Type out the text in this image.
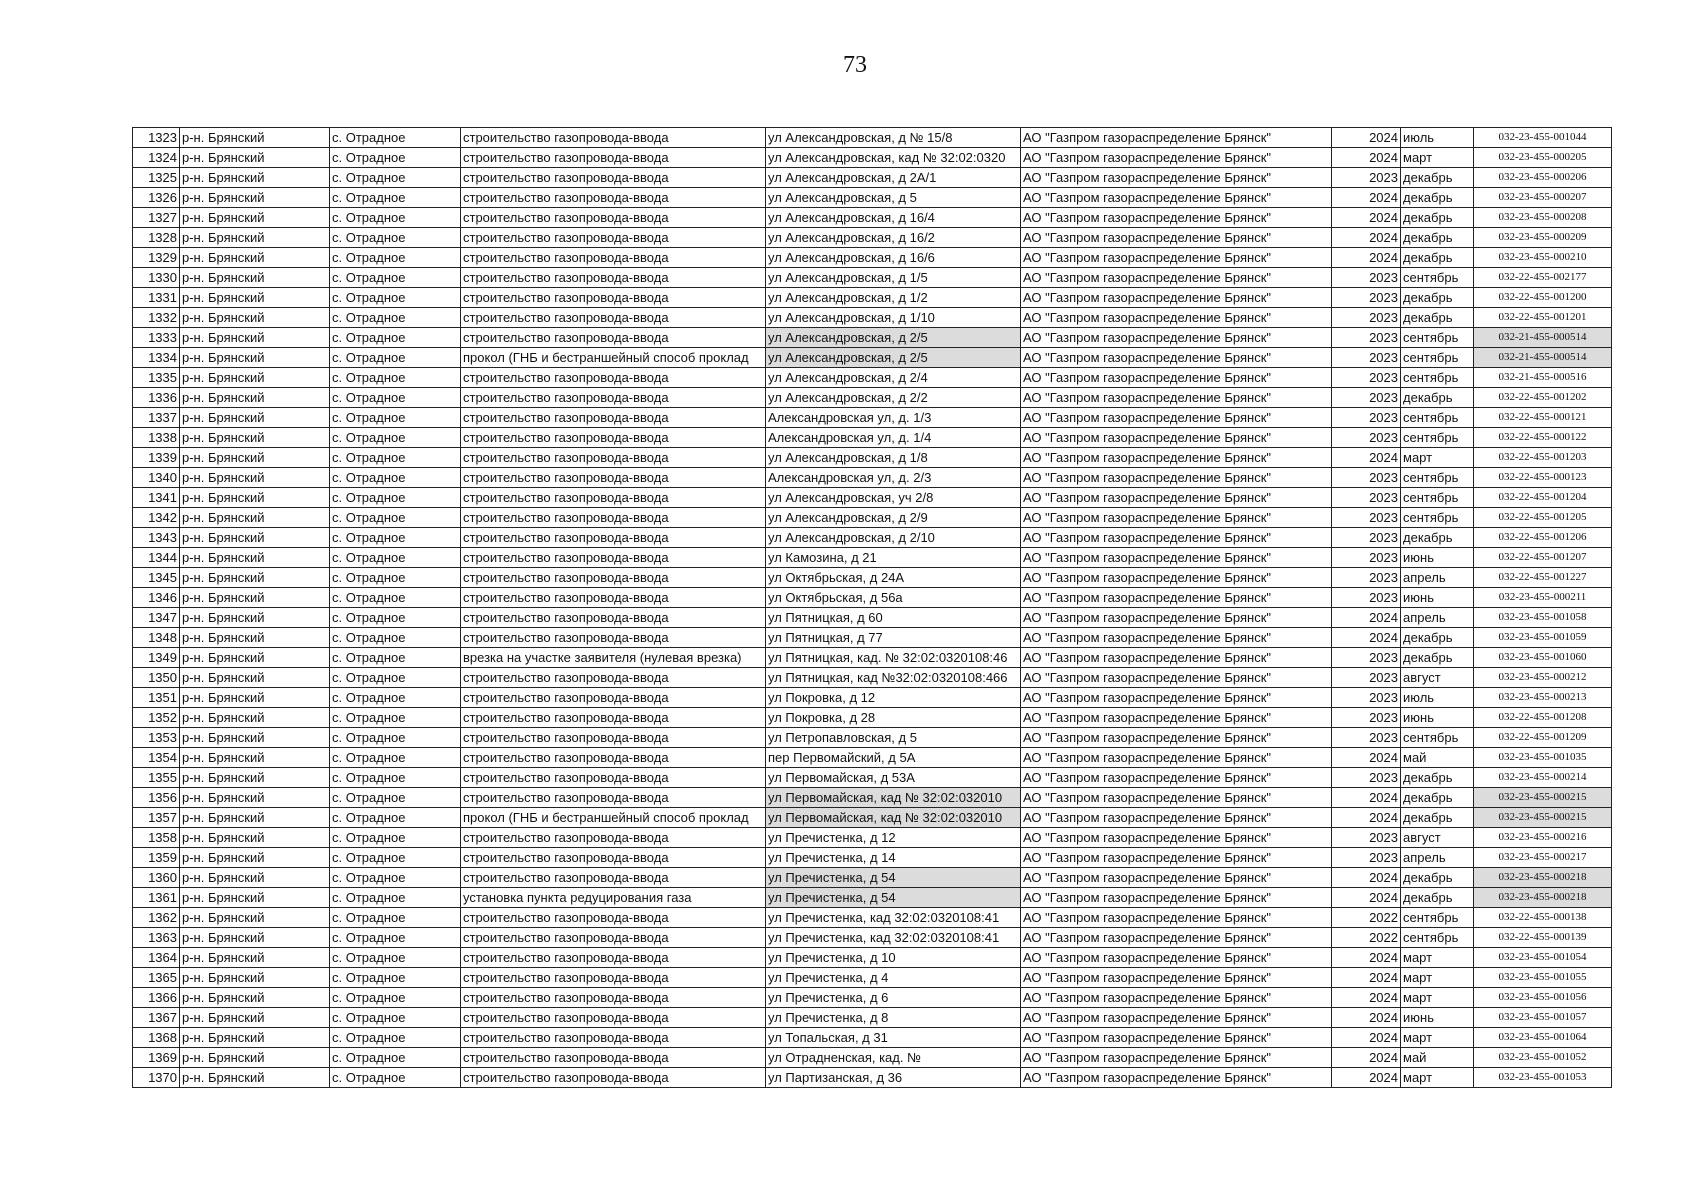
73
1323	р-н. Брянский	с. Отрадное	строительство газопровода-ввода	ул Александровская, д № 15/8	АО "Газпром газораспределение Брянск"	2024	июль	032-23-455-001044
1324	р-н. Брянский	с. Отрадное	строительство газопровода-ввода	ул Александровская, кад № 32:02:0320	АО "Газпром газораспределение Брянск"	2024	март	032-23-455-000205
1325	р-н. Брянский	с. Отрадное	строительство газопровода-ввода	ул Александровская, д 2А/1	АО "Газпром газораспределение Брянск"	2023	декабрь	032-23-455-000206
1326	р-н. Брянский	с. Отрадное	строительство газопровода-ввода	ул Александровская, д 5	АО "Газпром газораспределение Брянск"	2024	декабрь	032-23-455-000207
1327	р-н. Брянский	с. Отрадное	строительство газопровода-ввода	ул Александровская, д 16/4	АО "Газпром газораспределение Брянск"	2024	декабрь	032-23-455-000208
1328	р-н. Брянский	с. Отрадное	строительство газопровода-ввода	ул Александровская, д 16/2	АО "Газпром газораспределение Брянск"	2024	декабрь	032-23-455-000209
1329	р-н. Брянский	с. Отрадное	строительство газопровода-ввода	ул Александровская, д 16/6	АО "Газпром газораспределение Брянск"	2024	декабрь	032-23-455-000210
1330	р-н. Брянский	с. Отрадное	строительство газопровода-ввода	ул Александровская, д 1/5	АО "Газпром газораспределение Брянск"	2023	сентябрь	032-22-455-002177
1331	р-н. Брянский	с. Отрадное	строительство газопровода-ввода	ул Александровская, д 1/2	АО "Газпром газораспределение Брянск"	2023	декабрь	032-22-455-001200
1332	р-н. Брянский	с. Отрадное	строительство газопровода-ввода	ул Александровская, д 1/10	АО "Газпром газораспределение Брянск"	2023	декабрь	032-22-455-001201
1333	р-н. Брянский	с. Отрадное	строительство газопровода-ввода	ул Александровская, д 2/5	АО "Газпром газораспределение Брянск"	2023	сентябрь	032-21-455-000514
1334	р-н. Брянский	с. Отрадное	прокол (ГНБ и бестраншейный способ проклад	ул Александровская, д 2/5	АО "Газпром газораспределение Брянск"	2023	сентябрь	032-21-455-000514
1335	р-н. Брянский	с. Отрадное	строительство газопровода-ввода	ул Александровская, д 2/4	АО "Газпром газораспределение Брянск"	2023	сентябрь	032-21-455-000516
1336	р-н. Брянский	с. Отрадное	строительство газопровода-ввода	ул Александровская, д 2/2	АО "Газпром газораспределение Брянск"	2023	декабрь	032-22-455-001202
1337	р-н. Брянский	с. Отрадное	строительство газопровода-ввода	Александровская ул, д. 1/3	АО "Газпром газораспределение Брянск"	2023	сентябрь	032-22-455-000121
1338	р-н. Брянский	с. Отрадное	строительство газопровода-ввода	Александровская ул, д. 1/4	АО "Газпром газораспределение Брянск"	2023	сентябрь	032-22-455-000122
1339	р-н. Брянский	с. Отрадное	строительство газопровода-ввода	ул Александровская, д 1/8	АО "Газпром газораспределение Брянск"	2024	март	032-22-455-001203
1340	р-н. Брянский	с. Отрадное	строительство газопровода-ввода	Александровская ул, д. 2/3	АО "Газпром газораспределение Брянск"	2023	сентябрь	032-22-455-000123
1341	р-н. Брянский	с. Отрадное	строительство газопровода-ввода	ул Александровская, уч 2/8	АО "Газпром газораспределение Брянск"	2023	сентябрь	032-22-455-001204
1342	р-н. Брянский	с. Отрадное	строительство газопровода-ввода	ул Александровская, д 2/9	АО "Газпром газораспределение Брянск"	2023	сентябрь	032-22-455-001205
1343	р-н. Брянский	с. Отрадное	строительство газопровода-ввода	ул Александровская, д 2/10	АО "Газпром газораспределение Брянск"	2023	декабрь	032-22-455-001206
1344	р-н. Брянский	с. Отрадное	строительство газопровода-ввода	ул Камозина, д 21	АО "Газпром газораспределение Брянск"	2023	июнь	032-22-455-001207
1345	р-н. Брянский	с. Отрадное	строительство газопровода-ввода	ул Октябрьская, д 24А	АО "Газпром газораспределение Брянск"	2023	апрель	032-22-455-001227
1346	р-н. Брянский	с. Отрадное	строительство газопровода-ввода	ул Октябрьская, д 56а	АО "Газпром газораспределение Брянск"	2023	июнь	032-23-455-000211
1347	р-н. Брянский	с. Отрадное	строительство газопровода-ввода	ул Пятницкая, д 60	АО "Газпром газораспределение Брянск"	2024	апрель	032-23-455-001058
1348	р-н. Брянский	с. Отрадное	строительство газопровода-ввода	ул Пятницкая, д 77	АО "Газпром газораспределение Брянск"	2024	декабрь	032-23-455-001059
1349	р-н. Брянский	с. Отрадное	врезка на участке заявителя (нулевая врезка)	ул Пятницкая, кад. № 32:02:0320108:46	АО "Газпром газораспределение Брянск"	2023	декабрь	032-23-455-001060
1350	р-н. Брянский	с. Отрадное	строительство газопровода-ввода	ул Пятницкая, кад №32:02:0320108:466	АО "Газпром газораспределение Брянск"	2023	август	032-23-455-000212
1351	р-н. Брянский	с. Отрадное	строительство газопровода-ввода	ул Покровка, д 12	АО "Газпром газораспределение Брянск"	2023	июль	032-23-455-000213
1352	р-н. Брянский	с. Отрадное	строительство газопровода-ввода	ул Покровка, д 28	АО "Газпром газораспределение Брянск"	2023	июнь	032-22-455-001208
1353	р-н. Брянский	с. Отрадное	строительство газопровода-ввода	ул Петропавловская, д 5	АО "Газпром газораспределение Брянск"	2023	сентябрь	032-22-455-001209
1354	р-н. Брянский	с. Отрадное	строительство газопровода-ввода	пер Первомайский, д 5А	АО "Газпром газораспределение Брянск"	2024	май	032-23-455-001035
1355	р-н. Брянский	с. Отрадное	строительство газопровода-ввода	ул Первомайская, д 53А	АО "Газпром газораспределение Брянск"	2023	декабрь	032-23-455-000214
1356	р-н. Брянский	с. Отрадное	строительство газопровода-ввода	ул Первомайская, кад № 32:02:032010	АО "Газпром газораспределение Брянск"	2024	декабрь	032-23-455-000215
1357	р-н. Брянский	с. Отрадное	прокол (ГНБ и бестраншейный способ проклад	ул Первомайская, кад № 32:02:032010	АО "Газпром газораспределение Брянск"	2024	декабрь	032-23-455-000215
1358	р-н. Брянский	с. Отрадное	строительство газопровода-ввода	ул Пречистенка, д 12	АО "Газпром газораспределение Брянск"	2023	август	032-23-455-000216
1359	р-н. Брянский	с. Отрадное	строительство газопровода-ввода	ул Пречистенка, д 14	АО "Газпром газораспределение Брянск"	2023	апрель	032-23-455-000217
1360	р-н. Брянский	с. Отрадное	строительство газопровода-ввода	ул Пречистенка, д 54	АО "Газпром газораспределение Брянск"	2024	декабрь	032-23-455-000218
1361	р-н. Брянский	с. Отрадное	установка пункта редуцирования газа	ул Пречистенка, д 54	АО "Газпром газораспределение Брянск"	2024	декабрь	032-23-455-000218
1362	р-н. Брянский	с. Отрадное	строительство газопровода-ввода	ул Пречистенка, кад 32:02:0320108:41	АО "Газпром газораспределение Брянск"	2022	сентябрь	032-22-455-000138
1363	р-н. Брянский	с. Отрадное	строительство газопровода-ввода	ул Пречистенка, кад 32:02:0320108:41	АО "Газпром газораспределение Брянск"	2022	сентябрь	032-22-455-000139
1364	р-н. Брянский	с. Отрадное	строительство газопровода-ввода	ул Пречистенка, д 10	АО "Газпром газораспределение Брянск"	2024	март	032-23-455-001054
1365	р-н. Брянский	с. Отрадное	строительство газопровода-ввода	ул Пречистенка, д 4	АО "Газпром газораспределение Брянск"	2024	март	032-23-455-001055
1366	р-н. Брянский	с. Отрадное	строительство газопровода-ввода	ул Пречистенка, д 6	АО "Газпром газораспределение Брянск"	2024	март	032-23-455-001056
1367	р-н. Брянский	с. Отрадное	строительство газопровода-ввода	ул Пречистенка, д 8	АО "Газпром газораспределение Брянск"	2024	июнь	032-23-455-001057
1368	р-н. Брянский	с. Отрадное	строительство газопровода-ввода	ул Топальская, д 31	АО "Газпром газораспределение Брянск"	2024	март	032-23-455-001064
1369	р-н. Брянский	с. Отрадное	строительство газопровода-ввода	ул Отрадненская, кад. №	АО "Газпром газораспределение Брянск"	2024	май	032-23-455-001052
1370	р-н. Брянский	с. Отрадное	строительство газопровода-ввода	ул Партизанская, д 36	АО "Газпром газораспределение Брянск"	2024	март	032-23-455-001053
